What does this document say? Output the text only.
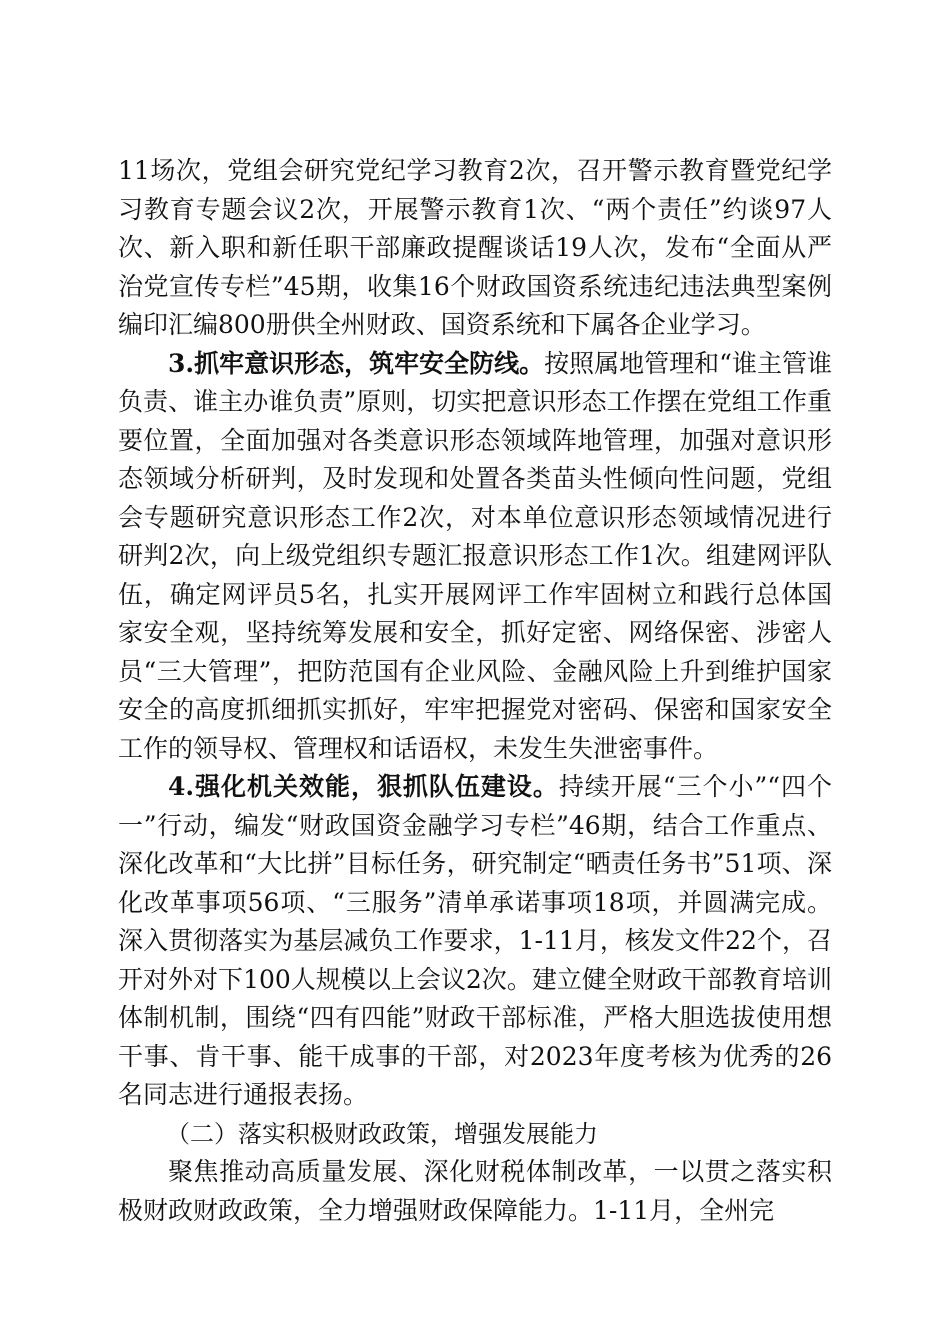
11场次，党组会研究党纪学习教育2次，召开警示教育暨党纪学习教育专题会议2次，开展警示教育1次、“两个责任”约谈97人次、新入职和新任职干部廉政提醒谈话19人次，发布“全面从严治党宣传专栏”45期，收集16个财政国资系统违纪违法典型案例编印汇编800册供全州财政、国资系统和下属各企业学习。

3.抓牢意识形态，筑牢安全防线。按照属地管理和“谁主管谁负责、谁主办谁负责”原则，切实把意识形态工作摆在党组工作重要位置，全面加强对各类意识形态领域阵地管理，加强对意识形态领域分析研判，及时发现和处置各类苗头性倾向性问题，党组会专题研究意识形态工作2次，对本单位意识形态领域情况进行研判2次，向上级党组织专题汇报意识形态工作1次。组建网评队伍，确定网评员5名，扎实开展网评工作牢固树立和践行总体国家安全观，坚持统筹发展和安全，抓好定密、网络保密、涉密人员“三大管理”，把防范国有企业风险、金融风险上升到维护国家安全的高度抓细抓实抓好，牢牢把握党对密码、保密和国家安全工作的领导权、管理权和话语权，未发生失泄密事件。

4.强化机关效能，狠抓队伍建设。持续开展“三个小”“四个一”行动，编发“财政国资金融学习专栏”46期，结合工作重点、深化改革和“大比拼”目标任务，研究制定“晒责任务书”51项、深化改革事项56项、“三服务”清单承诺事项18项，并圆满完成。深入贯彻落实为基层减负工作要求，1-11月，核发文件22个，召开对外对下100人规模以上会议2次。建立健全财政干部教育培训体制机制，围绕“四有四能”财政干部标准，严格大胆选拔使用想干事、肯干事、能干成事的干部，对2023年度考核为优秀的26名同志进行通报表扬。

（二）落实积极财政政策，增强发展能力

聚焦推动高质量发展、深化财税体制改革，一以贯之落实积极财政财政政策，全力增强财政保障能力。1-11月，全州完
